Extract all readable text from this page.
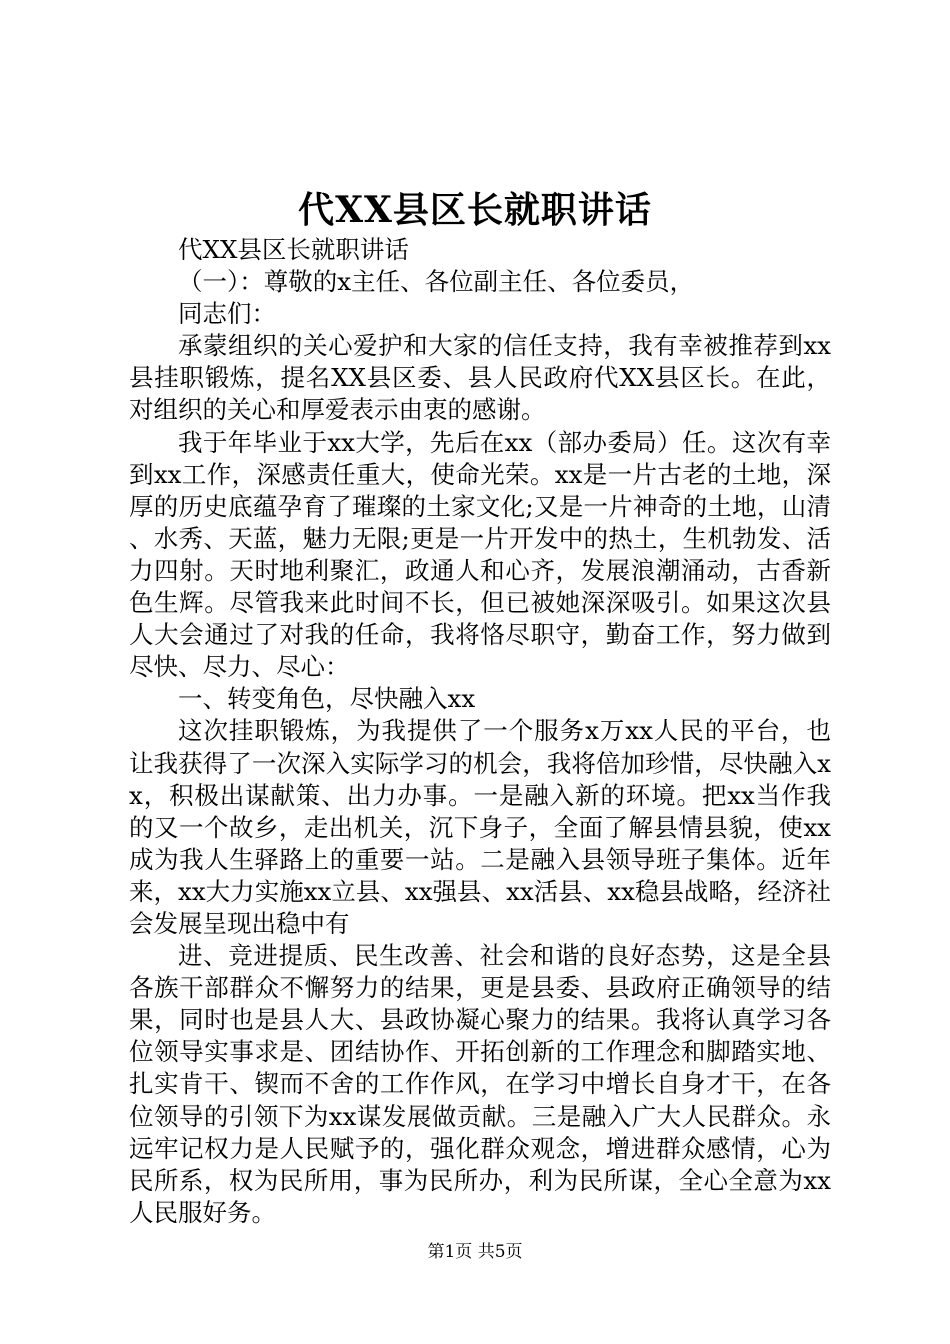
代XX县区长就职讲话

代XX县区长就职讲话

（一）：尊敬的x主任、各位副主任、各位委员，

同志们：

承蒙组织的关心爱护和大家的信任支持，我有幸被推荐到xx县挂职锻炼，提名XX县区委、县人民政府代XX县区长。在此，对组织的关心和厚爱表示由衷的感谢。

我于年毕业于xx大学，先后在xx（部办委局）任。这次有幸到xx工作，深感责任重大，使命光荣。xx是一片古老的土地，深厚的历史底蕴孕育了璀璨的土家文化;又是一片神奇的土地，山清、水秀、天蓝，魅力无限;更是一片开发中的热土，生机勃发、活力四射。天时地利聚汇，政通人和心齐，发展浪潮涌动，古香新色生辉。尽管我来此时间不长，但已被她深深吸引。如果这次县人大会通过了对我的任命，我将恪尽职守，勤奋工作，努力做到尽快、尽力、尽心：

一、转变角色，尽快融入xx

这次挂职锻炼，为我提供了一个服务x万xx人民的平台，也让我获得了一次深入实际学习的机会，我将倍加珍惜，尽快融入xx，积极出谋献策、出力办事。一是融入新的环境。把xx当作我的又一个故乡，走出机关，沉下身子，全面了解县情县貌，使xx成为我人生驿路上的重要一站。二是融入县领导班子集体。近年来，xx大力实施xx立县、xx强县、xx活县、xx稳县战略，经济社会发展呈现出稳中有

进、竞进提质、民生改善、社会和谐的良好态势，这是全县各族干部群众不懈努力的结果，更是县委、县政府正确领导的结果，同时也是县人大、县政协凝心聚力的结果。我将认真学习各位领导实事求是、团结协作、开拓创新的工作理念和脚踏实地、扎实肯干、锲而不舍的工作作风，在学习中增长自身才干，在各位领导的引领下为xx谋发展做贡献。三是融入广大人民群众。永远牢记权力是人民赋予的，强化群众观念，增进群众感情，心为民所系，权为民所用，事为民所办，利为民所谋，全心全意为xx人民服好务。

第1页 共5页
